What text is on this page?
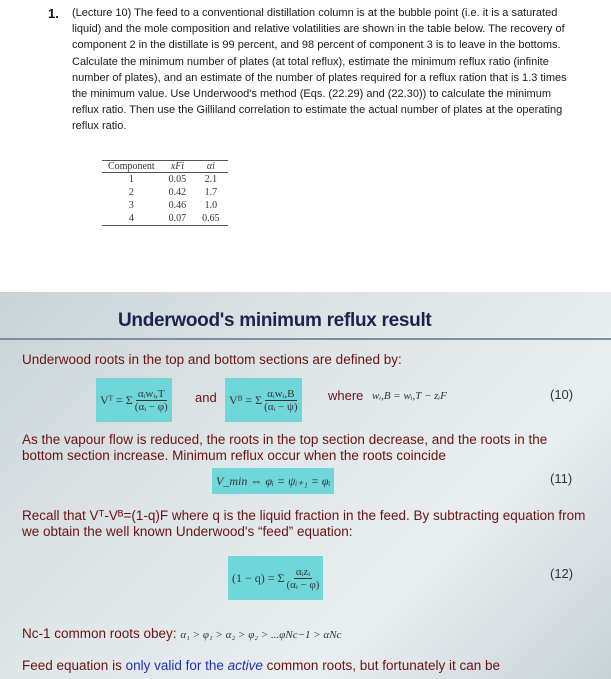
1. (Lecture 10) The feed to a conventional distillation column is at the bubble point (i.e. it is a saturated liquid) and the mole composition and relative volatilities are shown in the table below. The recovery of component 2 in the distillate is 99 percent, and 98 percent of component 3 is to leave in the bottoms. Calculate the minimum number of plates (at total reflux), estimate the minimum reflux ratio (infinite number of plates), and an estimate of the number of plates required for a reflux ration that is 1.3 times the minimum value. Use Underwood's method (Eqs. (22.29) and (22.30)) to calculate the minimum reflux ratio. Then use the Gilliland correlation to estimate the actual number of plates at the operating reflux ratio.
Component	xFi	αi
1	0.05	2.1
2	0.42	1.7
3	0.46	1.0
4	0.07	0.65
Underwood's minimum reflux result
Underwood roots in the top and bottom sections are defined by:
Vᵀ = Σ $\frac{\text{αᵢwᵢ,T}}{\text{(αᵢ − φ)}}$ and Vᴮ = Σ $\frac{\text{αᵢwᵢ,B}}{\text{(αᵢ − ψ)}}$ where wᵢ,B = wᵢ,T − zᵢF	(10)
As the vapour flow is reduced, the roots in the top section decrease, and the roots in the bottom section increase. Minimum reflux occur when the roots coincide
V_min ⇔ φᵢ = ψᵢ₊₁ = φᵢ	(11)
Recall that Vᵀ-Vᴮ=(1-q)F where q is the liquid fraction in the feed. By subtracting equation from we obtain the well known Underwood's “feed” equation:
(1 − q) = Σ $\frac{\text{αᵢzᵢ}}{\text{(αᵢ − φ)}}$	(12)
Nᴄ-1 common roots obey: α₁ > φ₁ > α₂ > φ₂ > ...φNc−1 > αNc
Feed equation is only valid for the active common roots, but fortunately it can be
